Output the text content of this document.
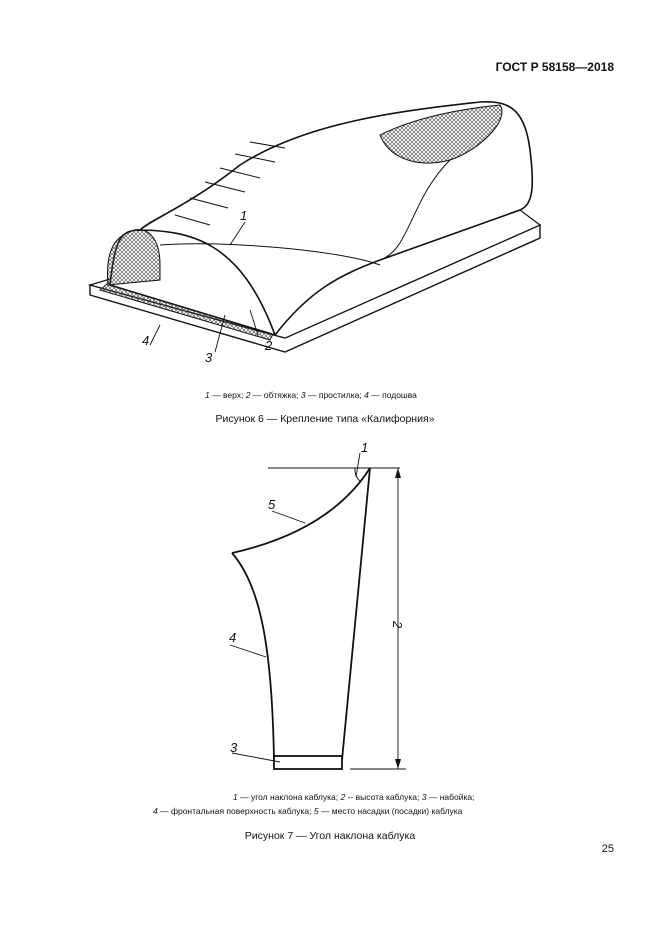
ГОСТ Р 58158—2018
1
2
3
4
1 — верх; 2 — обтяжка; 3 — простилка; 4 — подошва
Рисунок 6 — Крепление типа «Калифорния»
1
2
3
4
5
1 — угол наклона каблука; 2 -- высота каблука; 3 — набойка;
4 — фронтальная поверхность каблука; 5 — место насадки (посадки) каблука
Рисунок 7 — Угол наклона каблука
25
